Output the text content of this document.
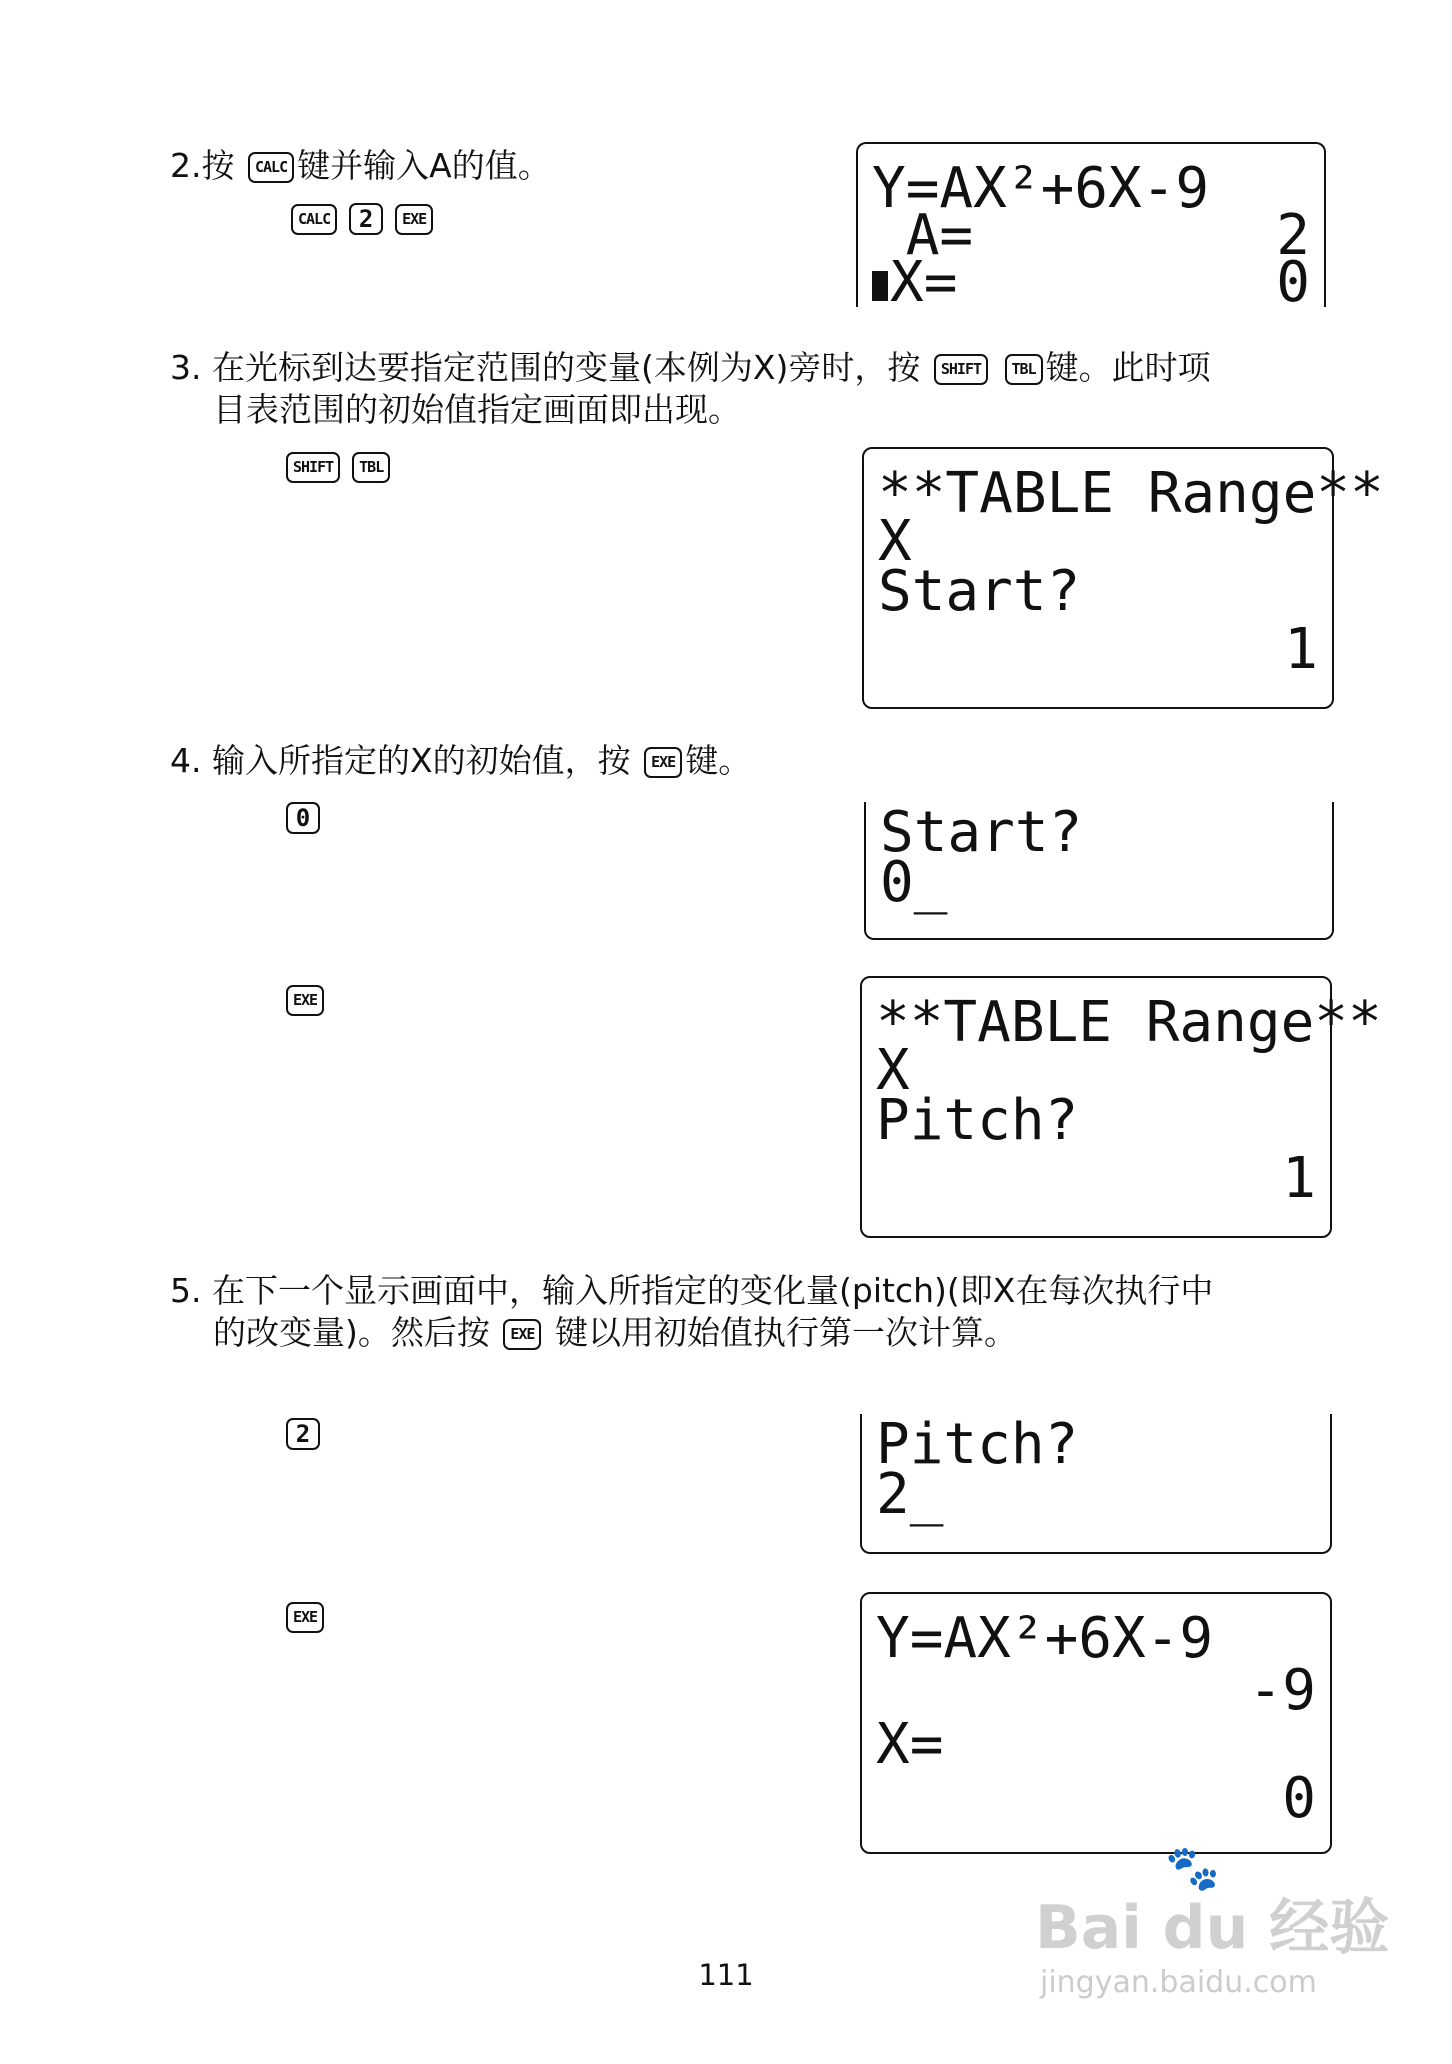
2.按 CALC 键并输入A的值。
CALC	2	EXE	Y=AX²+6X-9
A=	2
X=	0
3. 在光标到达要指定范围的变量(本例为X)旁时，按 SHIFT TBL 键。此时项
目表范围的初始值指定画面即出现。
SHIFT	TBL	**TABLE Range**
X
Start?
1
4. 输入所指定的X的初始值，按 EXE 键。
0	Start?
0_
EXE	**TABLE Range**
X
Pitch?
1
5. 在下一个显示画面中，输入所指定的变化量(pitch)(即X在每次执行中
的改变量)。然后按 EXE 键以用初始值执行第一次计算。
2	Pitch?
2_
EXE	Y=AX²+6X-9
-9
X=
0
111
🐾
Bai du 经验
jingyan.baidu.com
